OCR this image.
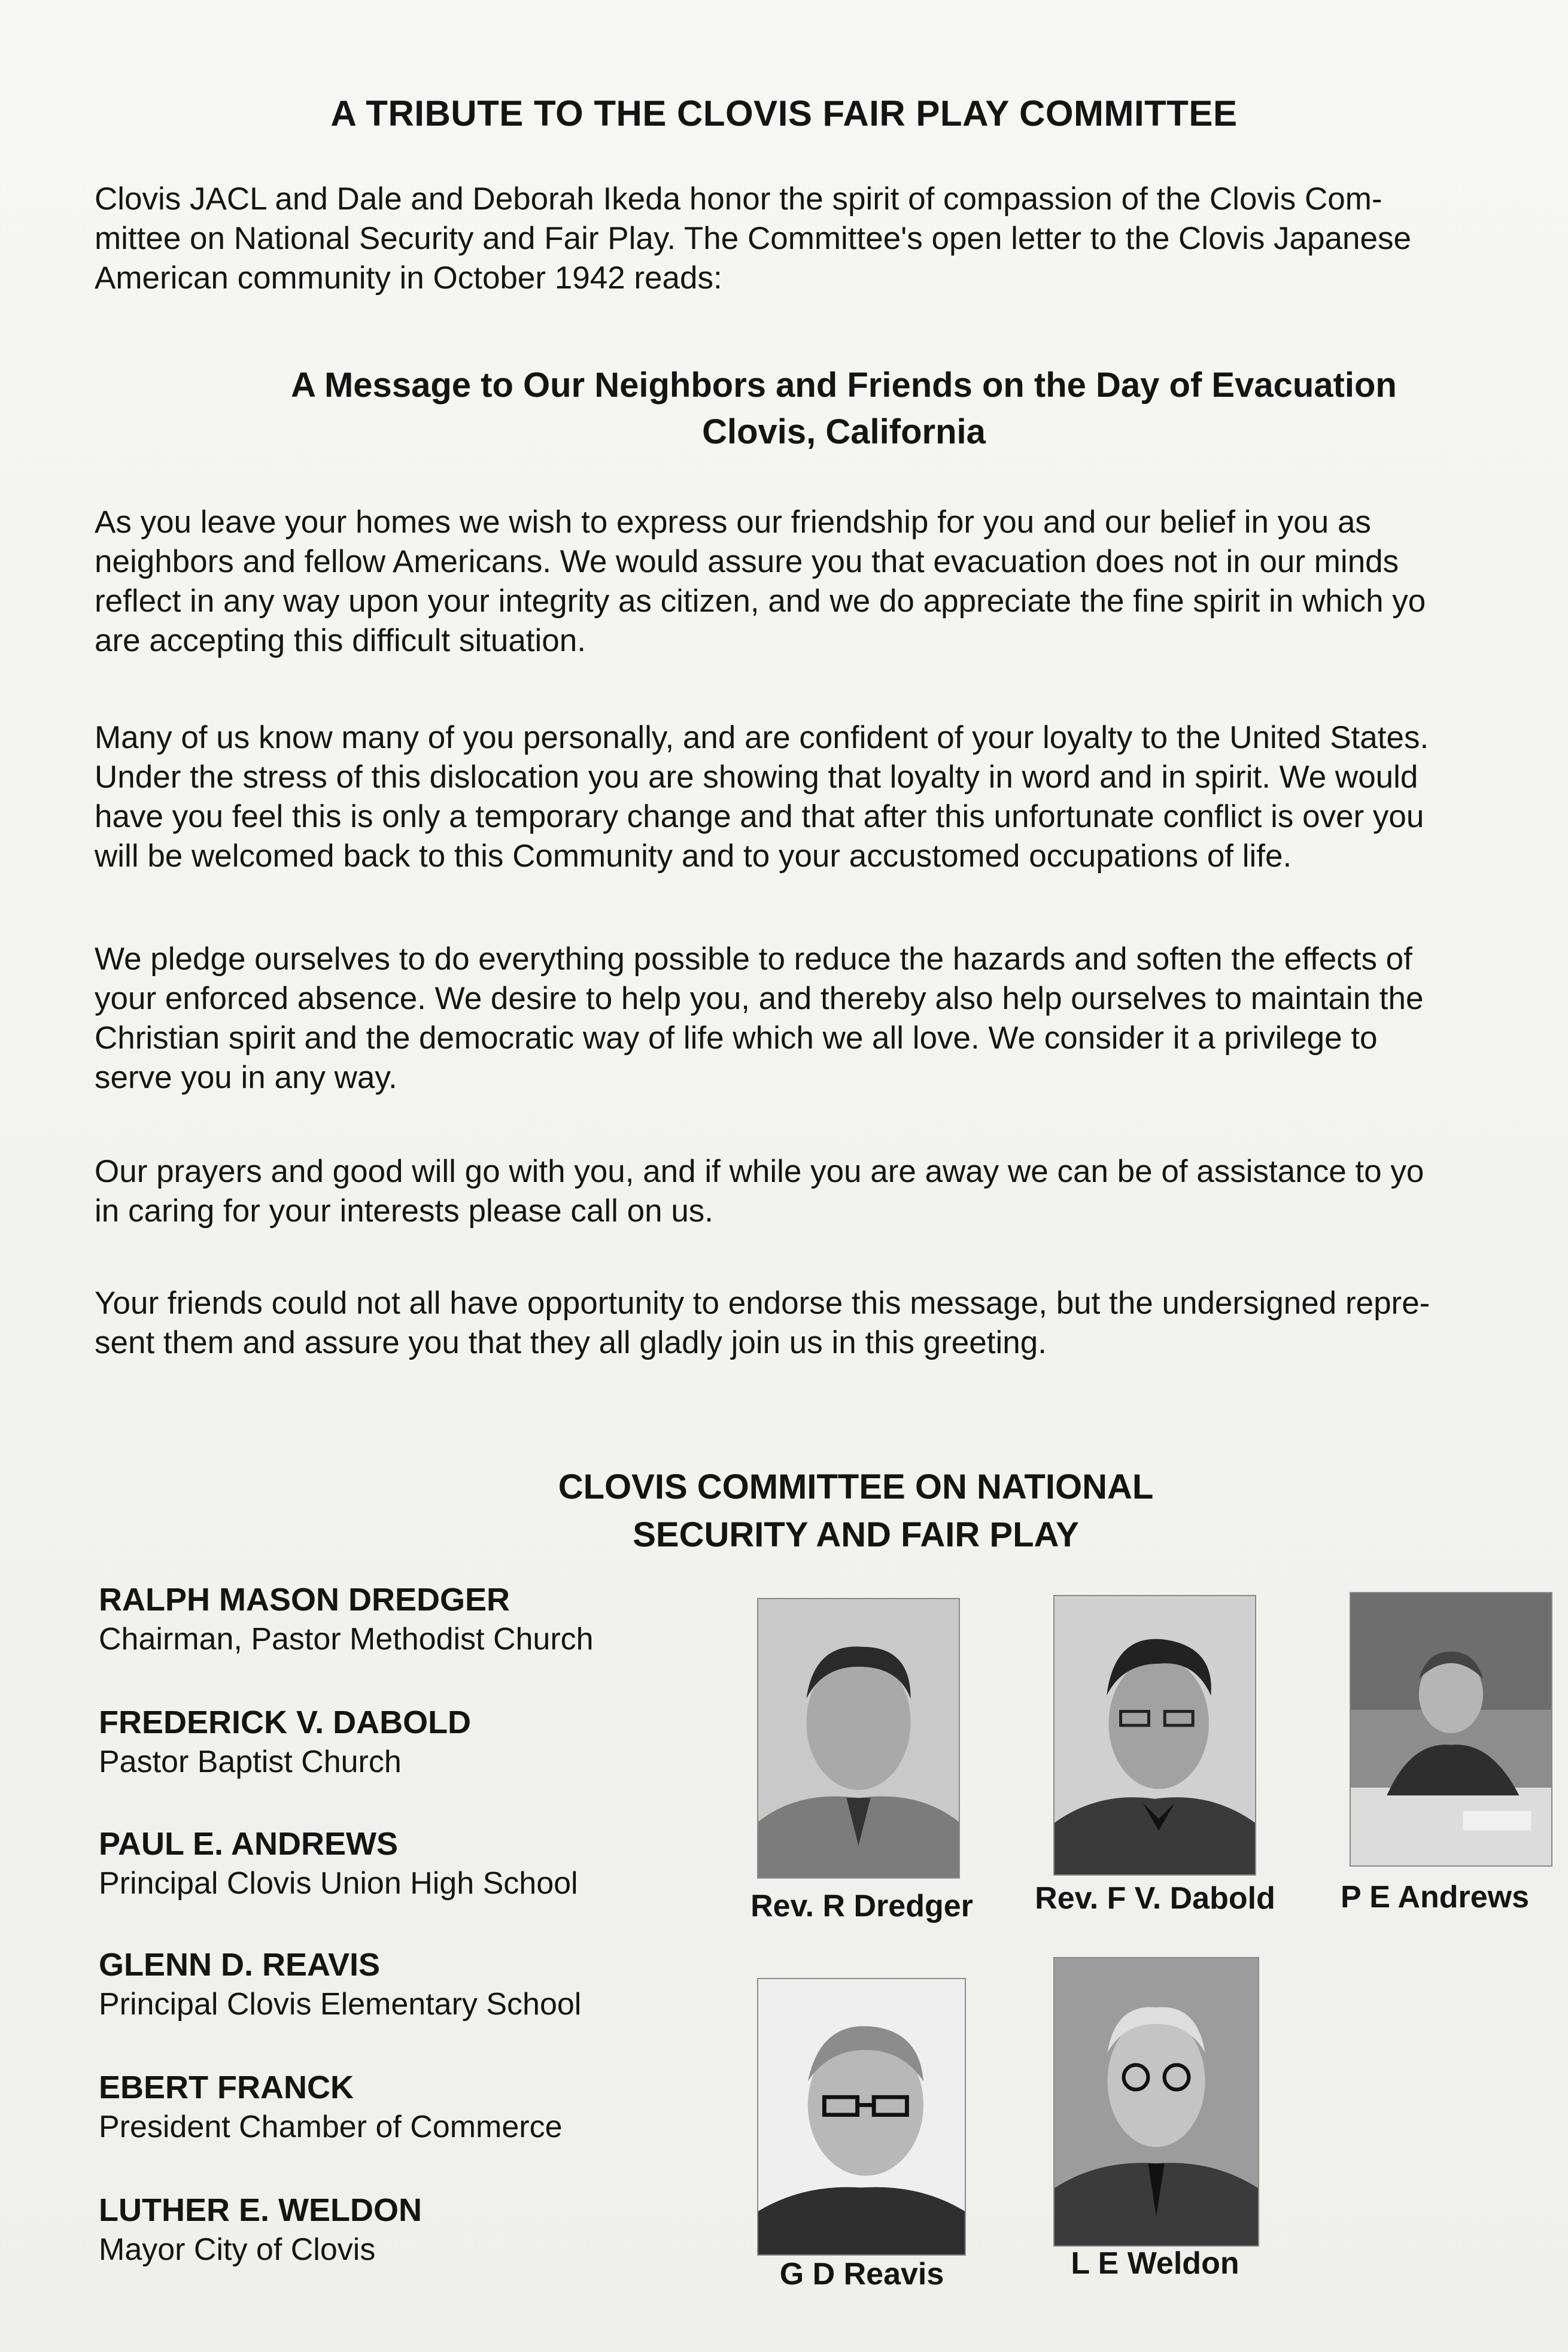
A TRIBUTE TO THE CLOVIS FAIR PLAY COMMITTEE
Clovis JACL and Dale and Deborah Ikeda honor the spirit of compassion of the Clovis Com-
mittee on National Security and Fair Play. The Committee's open letter to the Clovis Japanese
American community in October 1942 reads:
A Message to Our Neighbors and Friends on the Day of Evacuation
Clovis, California
As you leave your homes we wish to express our friendship for you and our belief in you as
neighbors and fellow Americans. We would assure you that evacuation does not in our minds
reflect in any way upon your integrity as citizen, and we do appreciate the fine spirit in which yo
are accepting this difficult situation.
Many of us know many of you personally, and are confident of your loyalty to the United States.
Under the stress of this dislocation you are showing that loyalty in word and in spirit. We would
have you feel this is only a temporary change and that after this unfortunate conflict is over you
will be welcomed back to this Community and to your accustomed occupations of life.
We pledge ourselves to do everything possible to reduce the hazards and soften the effects of
your enforced absence. We desire to help you, and thereby also help ourselves to maintain the
Christian spirit and the democratic way of life which we all love. We consider it a privilege to
serve you in any way.
Our prayers and good will go with you, and if while you are away we can be of assistance to yo
in caring for your interests please call on us.
Your friends could not all have opportunity to endorse this message, but the undersigned repre-
sent them and assure you that they all gladly join us in this greeting.
CLOVIS COMMITTEE ON NATIONAL
SECURITY AND FAIR PLAY
RALPH MASON DREDGER
Chairman, Pastor Methodist Church
FREDERICK V. DABOLD
Pastor Baptist Church
PAUL E. ANDREWS
Principal Clovis Union High School
GLENN D. REAVIS
Principal Clovis Elementary School
EBERT FRANCK
President Chamber of Commerce
LUTHER E. WELDON
Mayor City of Clovis
Rev. R Dredger	Rev. F V. Dabold P E Andrews
G D Reavis	L E Weldon
